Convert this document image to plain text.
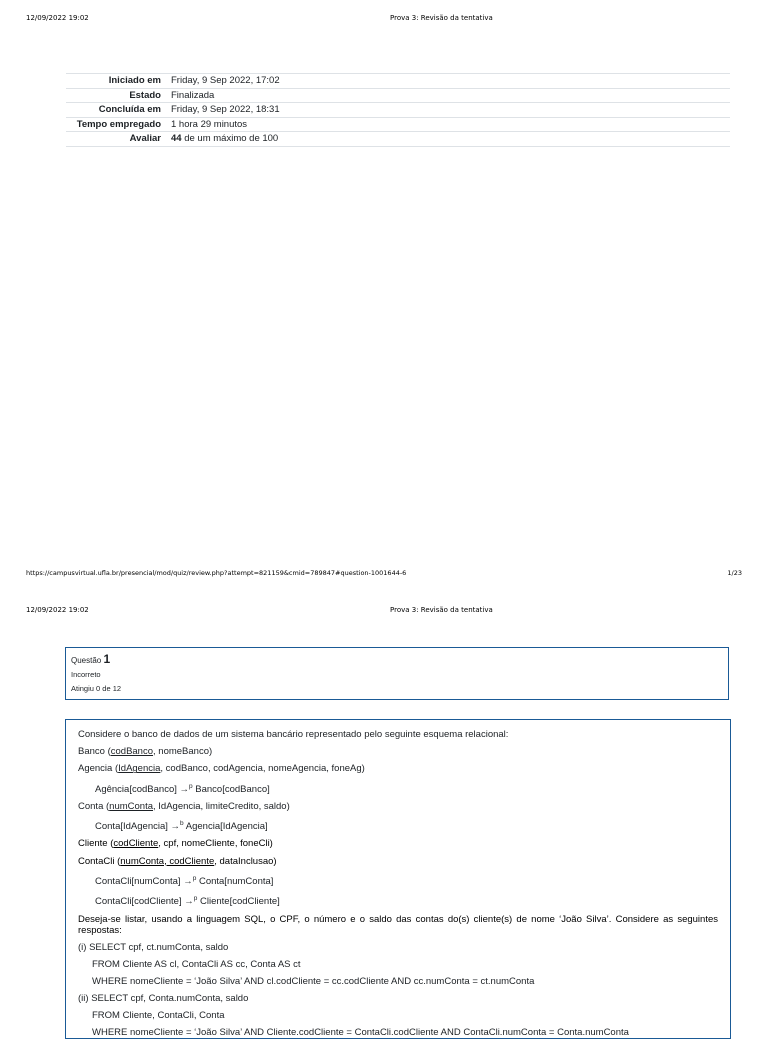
12/09/2022 19:02	Prova 3: Revisão da tentativa
Iniciado em	Friday, 9 Sep 2022, 17:02
Estado	Finalizada
Concluída em	Friday, 9 Sep 2022, 18:31
Tempo empregado	1 hora 29 minutos
Avaliar	44 de um máximo de 100
https://campusvirtual.ufla.br/presencial/mod/quiz/review.php?attempt=821159&cmid=789847#question-1001644-6	1/23
12/09/2022 19:02	Prova 3: Revisão da tentativa
Questão 1
Incorreto
Atingiu 0 de 12
Considere o banco de dados de um sistema bancário representado pelo seguinte esquema relacional:
Banco (codBanco, nomeBanco)
Agencia (IdAgencia, codBanco, codAgencia, nomeAgencia, foneAg)
Agência[codBanco] →$^p$ Banco[codBanco]
Conta (numConta, IdAgencia, limiteCredito, saldo)
Conta[IdAgencia] →$^b$ Agencia[IdAgencia]
Cliente (codCliente, cpf, nomeCliente, foneCli)
ContaCli (numConta, codCliente, dataInclusao)
ContaCli[numConta] →$^p$ Conta[numConta]
ContaCli[codCliente] →$^p$ Cliente[codCliente]
Deseja-se listar, usando a linguagem SQL, o CPF, o número e o saldo das contas do(s) cliente(s) de nome ‘João Silva’. Considere as seguintes respostas:
(i) SELECT cpf, ct.numConta, saldo
FROM Cliente AS cl, ContaCli AS cc, Conta AS ct
WHERE nomeCliente = ‘João Silva’ AND cl.codCliente = cc.codCliente AND cc.numConta = ct.numConta
(ii) SELECT cpf, Conta.numConta, saldo
FROM Cliente, ContaCli, Conta
WHERE nomeCliente = ‘João Silva’ AND Cliente.codCliente = ContaCli.codCliente AND ContaCli.numConta = Conta.numConta
